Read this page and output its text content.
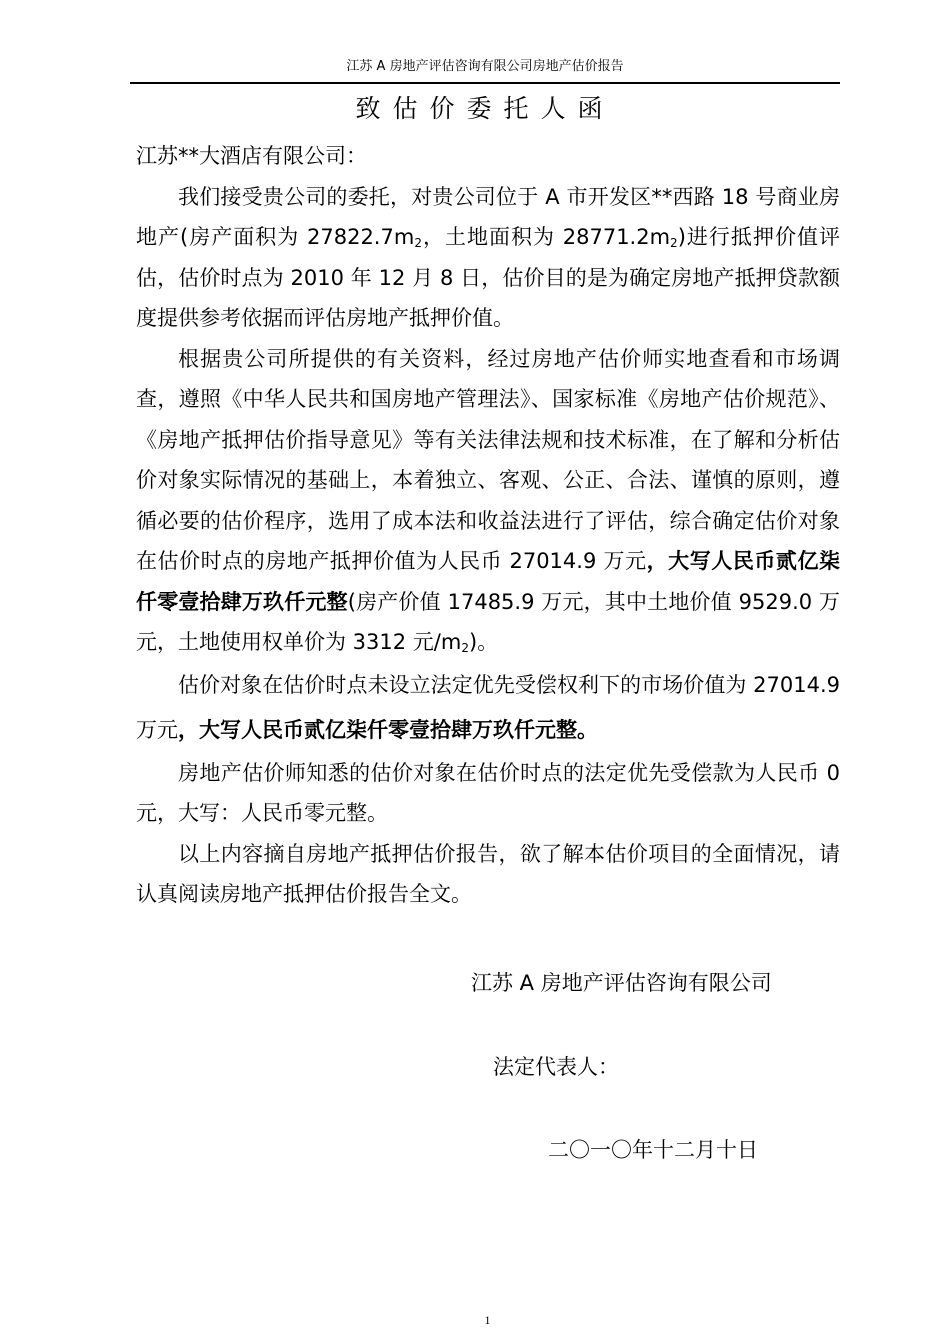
江苏 A 房地产评估咨询有限公司房地产估价报告
致估价委托人函

江苏**大酒店有限公司：

我们接受贵公司的委托，对贵公司位于 A 市开发区**西路 18 号商业房地产(房产面积为 $27822.7m_2$，土地面积为 $28771.2m_2$)进行抵押价值评估，估价时点为 2010 年 12 月 8 日，估价目的是为确定房地产抵押贷款额度提供参考依据而评估房地产抵押价值。

根据贵公司所提供的有关资料，经过房地产估价师实地查看和市场调查，遵照《中华人民共和国房地产管理法》、国家标准《房地产估价规范》、《房地产抵押估价指导意见》等有关法律法规和技术标准，在了解和分析估价对象实际情况的基础上，本着独立、客观、公正、合法、谨慎的原则，遵循必要的估价程序，选用了成本法和收益法进行了评估，综合确定估价对象在估价时点的房地产抵押价值为人民币 27014.9 万元，大写人民币贰亿柒仟零壹拾肆万玖仟元整(房产价值 17485.9 万元，其中土地价值 9529.0 万元，土地使用权单价为 3312 元$/m_2$)。

估价对象在估价时点未设立法定优先受偿权利下的市场价值为 27014.9 万元，大写人民币贰亿柒仟零壹拾肆万玖仟元整。

房地产估价师知悉的估价对象在估价时点的法定优先受偿款为人民币 0 元，大写：人民币零元整。

以上内容摘自房地产抵押估价报告，欲了解本估价项目的全面情况，请认真阅读房地产抵押估价报告全文。

江苏 A 房地产评估咨询有限公司
法定代表人：
二〇一〇年十二月十日
1
